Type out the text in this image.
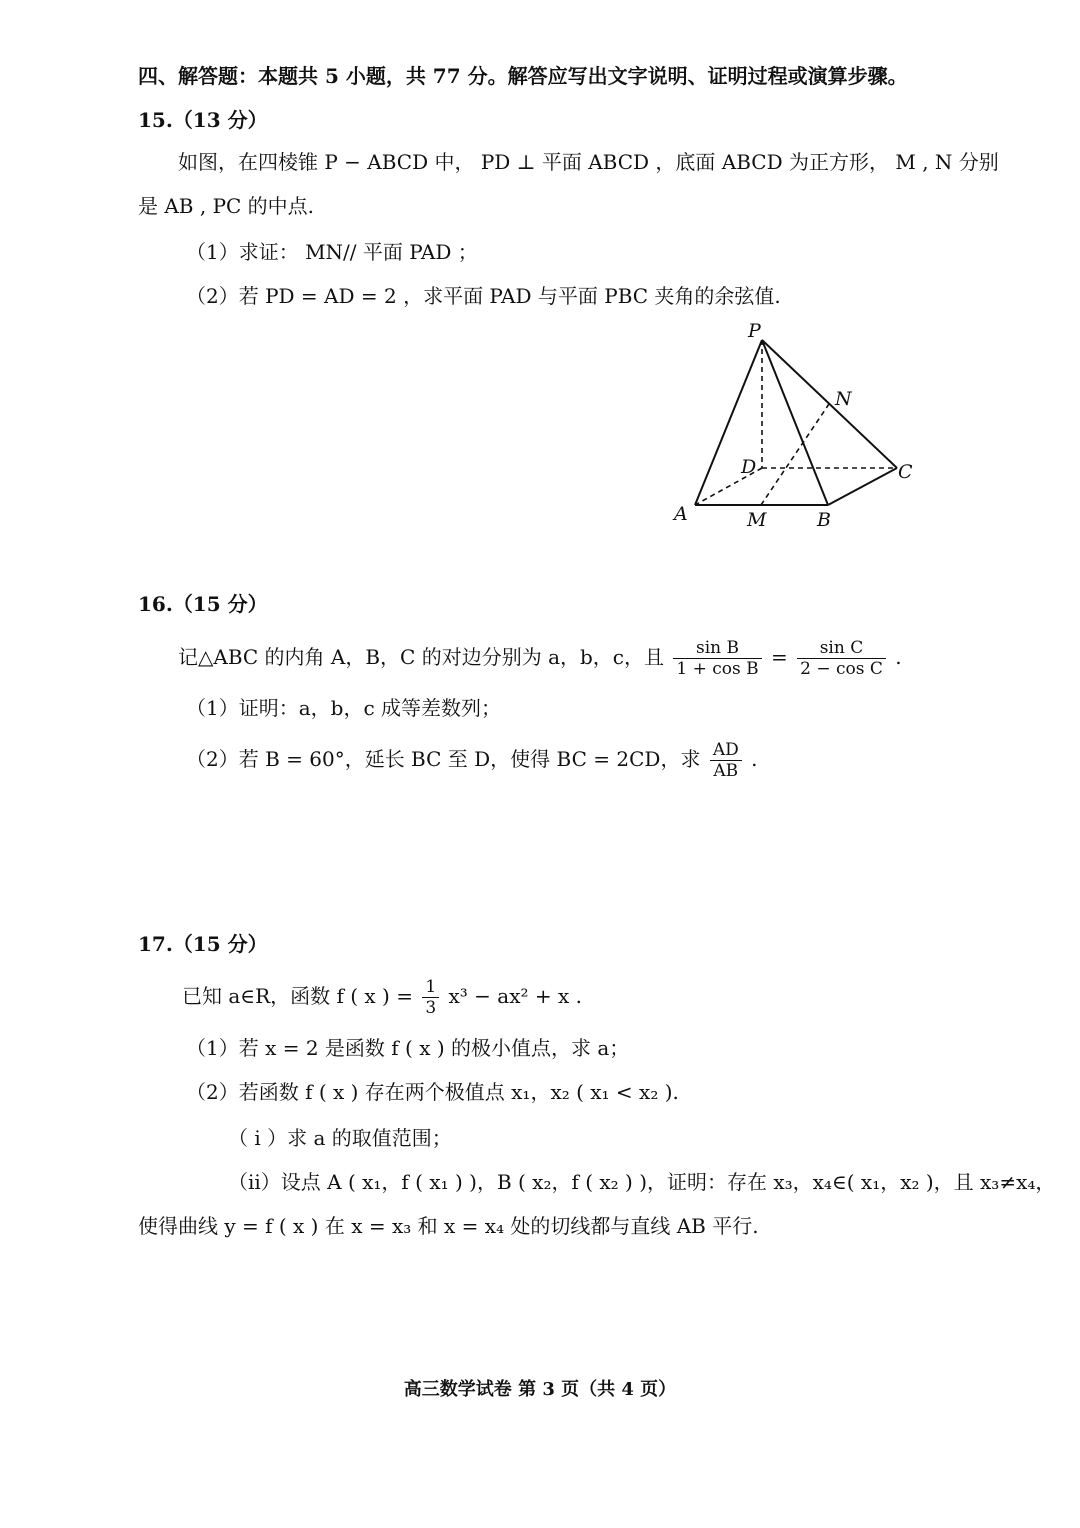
四、解答题：本题共 5 小题，共 77 分。解答应写出文字说明、证明过程或演算步骤。
15.（13 分）
如图，在四棱锥 P − ABCD 中， PD ⊥ 平面 ABCD ，底面 ABCD 为正方形， M , N 分别
是 AB , PC 的中点.
（1）求证： MN// 平面 PAD ；
（2）若 PD = AD = 2 ，求平面 PAD 与平面 PBC 夹角的余弦值.
P
N
D	C
A	M	B
16.（15 分）
记△ABC 的内角 A，B，C 的对边分别为 a，b，c，且 $\frac{\text{sin B}}{\text{1 + cos B}} = \frac{\text{sin C}}{\text{2 − cos C}}$ .
（1）证明：a，b，c 成等差数列；
（2）若 B = 60°，延长 BC 至 D，使得 BC = 2CD，求 $\frac{AD}{AB}$ .
17.（15 分）
已知 a∈R，函数 f ( x ) = $\frac{1}{3} x^3 - ax^2 + x$ .
（1）若 x = 2 是函数 f ( x ) 的极小值点，求 a；
（2）若函数 f ( x ) 存在两个极值点 x₁，x₂ ( x₁ < x₂ ).
（ i ）求 a 的取值范围；
（ii）设点 A ( x₁，f ( x₁ ) )，B ( x₂，f ( x₂ ) )，证明：存在 x₃，x₄∈( x₁，x₂ )，且 x₃≠x₄，
使得曲线 y = f ( x ) 在 x = x₃ 和 x = x₄ 处的切线都与直线 AB 平行.
高三数学试卷 第 3 页（共 4 页）
